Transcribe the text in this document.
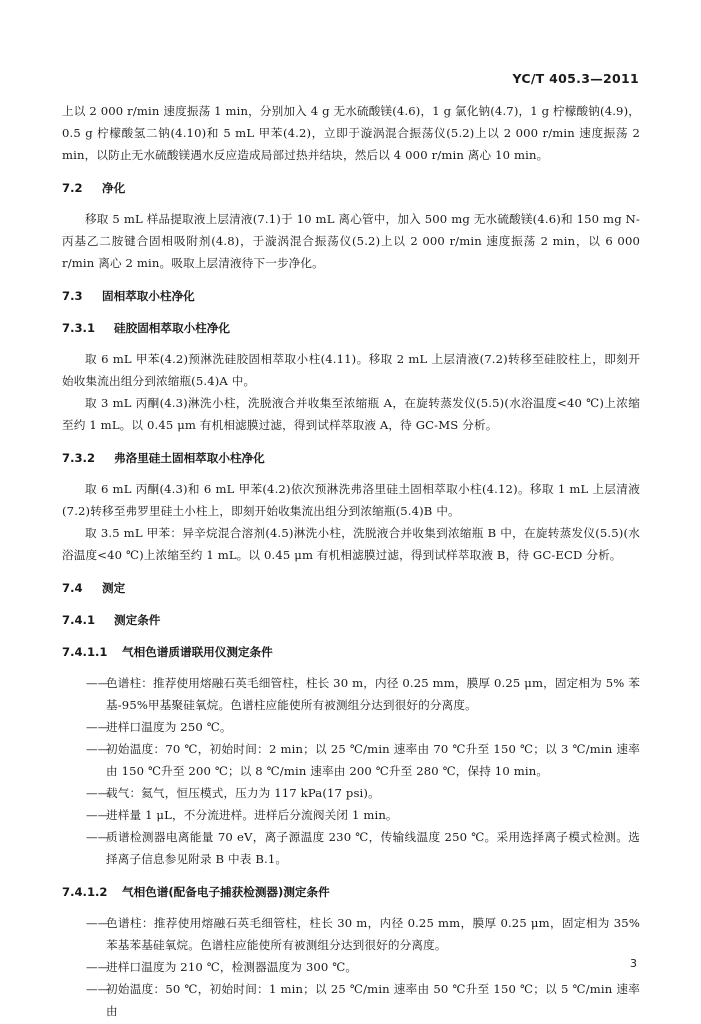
YC/T 405.3—2011

上以 2 000 r/min 速度振荡 1 min，分别加入 4 g 无水硫酸镁(4.6)，1 g 氯化钠(4.7)，1 g 柠檬酸钠(4.9)，0.5 g 柠檬酸氢二钠(4.10)和 5 mL 甲苯(4.2)，立即于漩涡混合振荡仪(5.2)上以 2 000 r/min 速度振荡 2 min，以防止无水硫酸镁遇水反应造成局部过热并结块，然后以 4 000 r/min 离心 10 min。

7.2 净化

移取 5 mL 样品提取液上层清液(7.1)于 10 mL 离心管中，加入 500 mg 无水硫酸镁(4.6)和 150 mg N-丙基乙二胺键合固相吸附剂(4.8)，于漩涡混合振荡仪(5.2)上以 2 000 r/min 速度振荡 2 min，以 6 000 r/min 离心 2 min。吸取上层清液待下一步净化。

7.3 固相萃取小柱净化
7.3.1 硅胶固相萃取小柱净化

取 6 mL 甲苯(4.2)预淋洗硅胶固相萃取小柱(4.11)。移取 2 mL 上层清液(7.2)转移至硅胶柱上，即刻开始收集流出组分到浓缩瓶(5.4)A 中。

取 3 mL 丙酮(4.3)淋洗小柱，洗脱液合并收集至浓缩瓶 A，在旋转蒸发仪(5.5)(水浴温度<40 ℃)上浓缩至约 1 mL。以 0.45 μm 有机相滤膜过滤，得到试样萃取液 A，待 GC-MS 分析。

7.3.2 弗洛里硅土固相萃取小柱净化

取 6 mL 丙酮(4.3)和 6 mL 甲苯(4.2)依次预淋洗弗洛里硅土固相萃取小柱(4.12)。移取 1 mL 上层清液(7.2)转移至弗罗里硅土小柱上，即刻开始收集流出组分到浓缩瓶(5.4)B 中。

取 3.5 mL 甲苯：异辛烷混合溶剂(4.5)淋洗小柱，洗脱液合并收集到浓缩瓶 B 中，在旋转蒸发仪(5.5)(水浴温度<40 ℃)上浓缩至约 1 mL。以 0.45 μm 有机相滤膜过滤，得到试样萃取液 B，待 GC-ECD 分析。

7.4 测定
7.4.1 测定条件
7.4.1.1 气相色谱质谱联用仪测定条件

——
色谱柱：推荐使用熔融石英毛细管柱，柱长 30 m，内径 0.25 mm，膜厚 0.25 μm，固定相为 5% 苯基-95%甲基聚硅氧烷。色谱柱应能使所有被测组分达到很好的分离度。

——
进样口温度为 250 ℃。

——
初始温度：70 ℃，初始时间：2 min；以 25 ℃/min 速率由 70 ℃升至 150 ℃；以 3 ℃/min 速率由 150 ℃升至 200 ℃；以 8 ℃/min 速率由 200 ℃升至 280 ℃，保持 10 min。

——
载气：氦气，恒压模式，压力为 117 kPa(17 psi)。

——
进样量 1 μL，不分流进样。进样后分流阀关闭 1 min。

——
质谱检测器电离能量 70 eV，离子源温度 230 ℃，传输线温度 250 ℃。采用选择离子模式检测。选择离子信息参见附录 B 中表 B.1。

7.4.1.2 气相色谱(配备电子捕获检测器)测定条件

——
色谱柱：推荐使用熔融石英毛细管柱，柱长 30 m，内径 0.25 mm，膜厚 0.25 μm，固定相为 35%苯基苯基硅氧烷。色谱柱应能使所有被测组分达到很好的分离度。

——
进样口温度为 210 ℃，检测器温度为 300 ℃。

——
初始温度：50 ℃，初始时间：1 min；以 25 ℃/min 速率由 50 ℃升至 150 ℃；以 5 ℃/min 速率由

3
